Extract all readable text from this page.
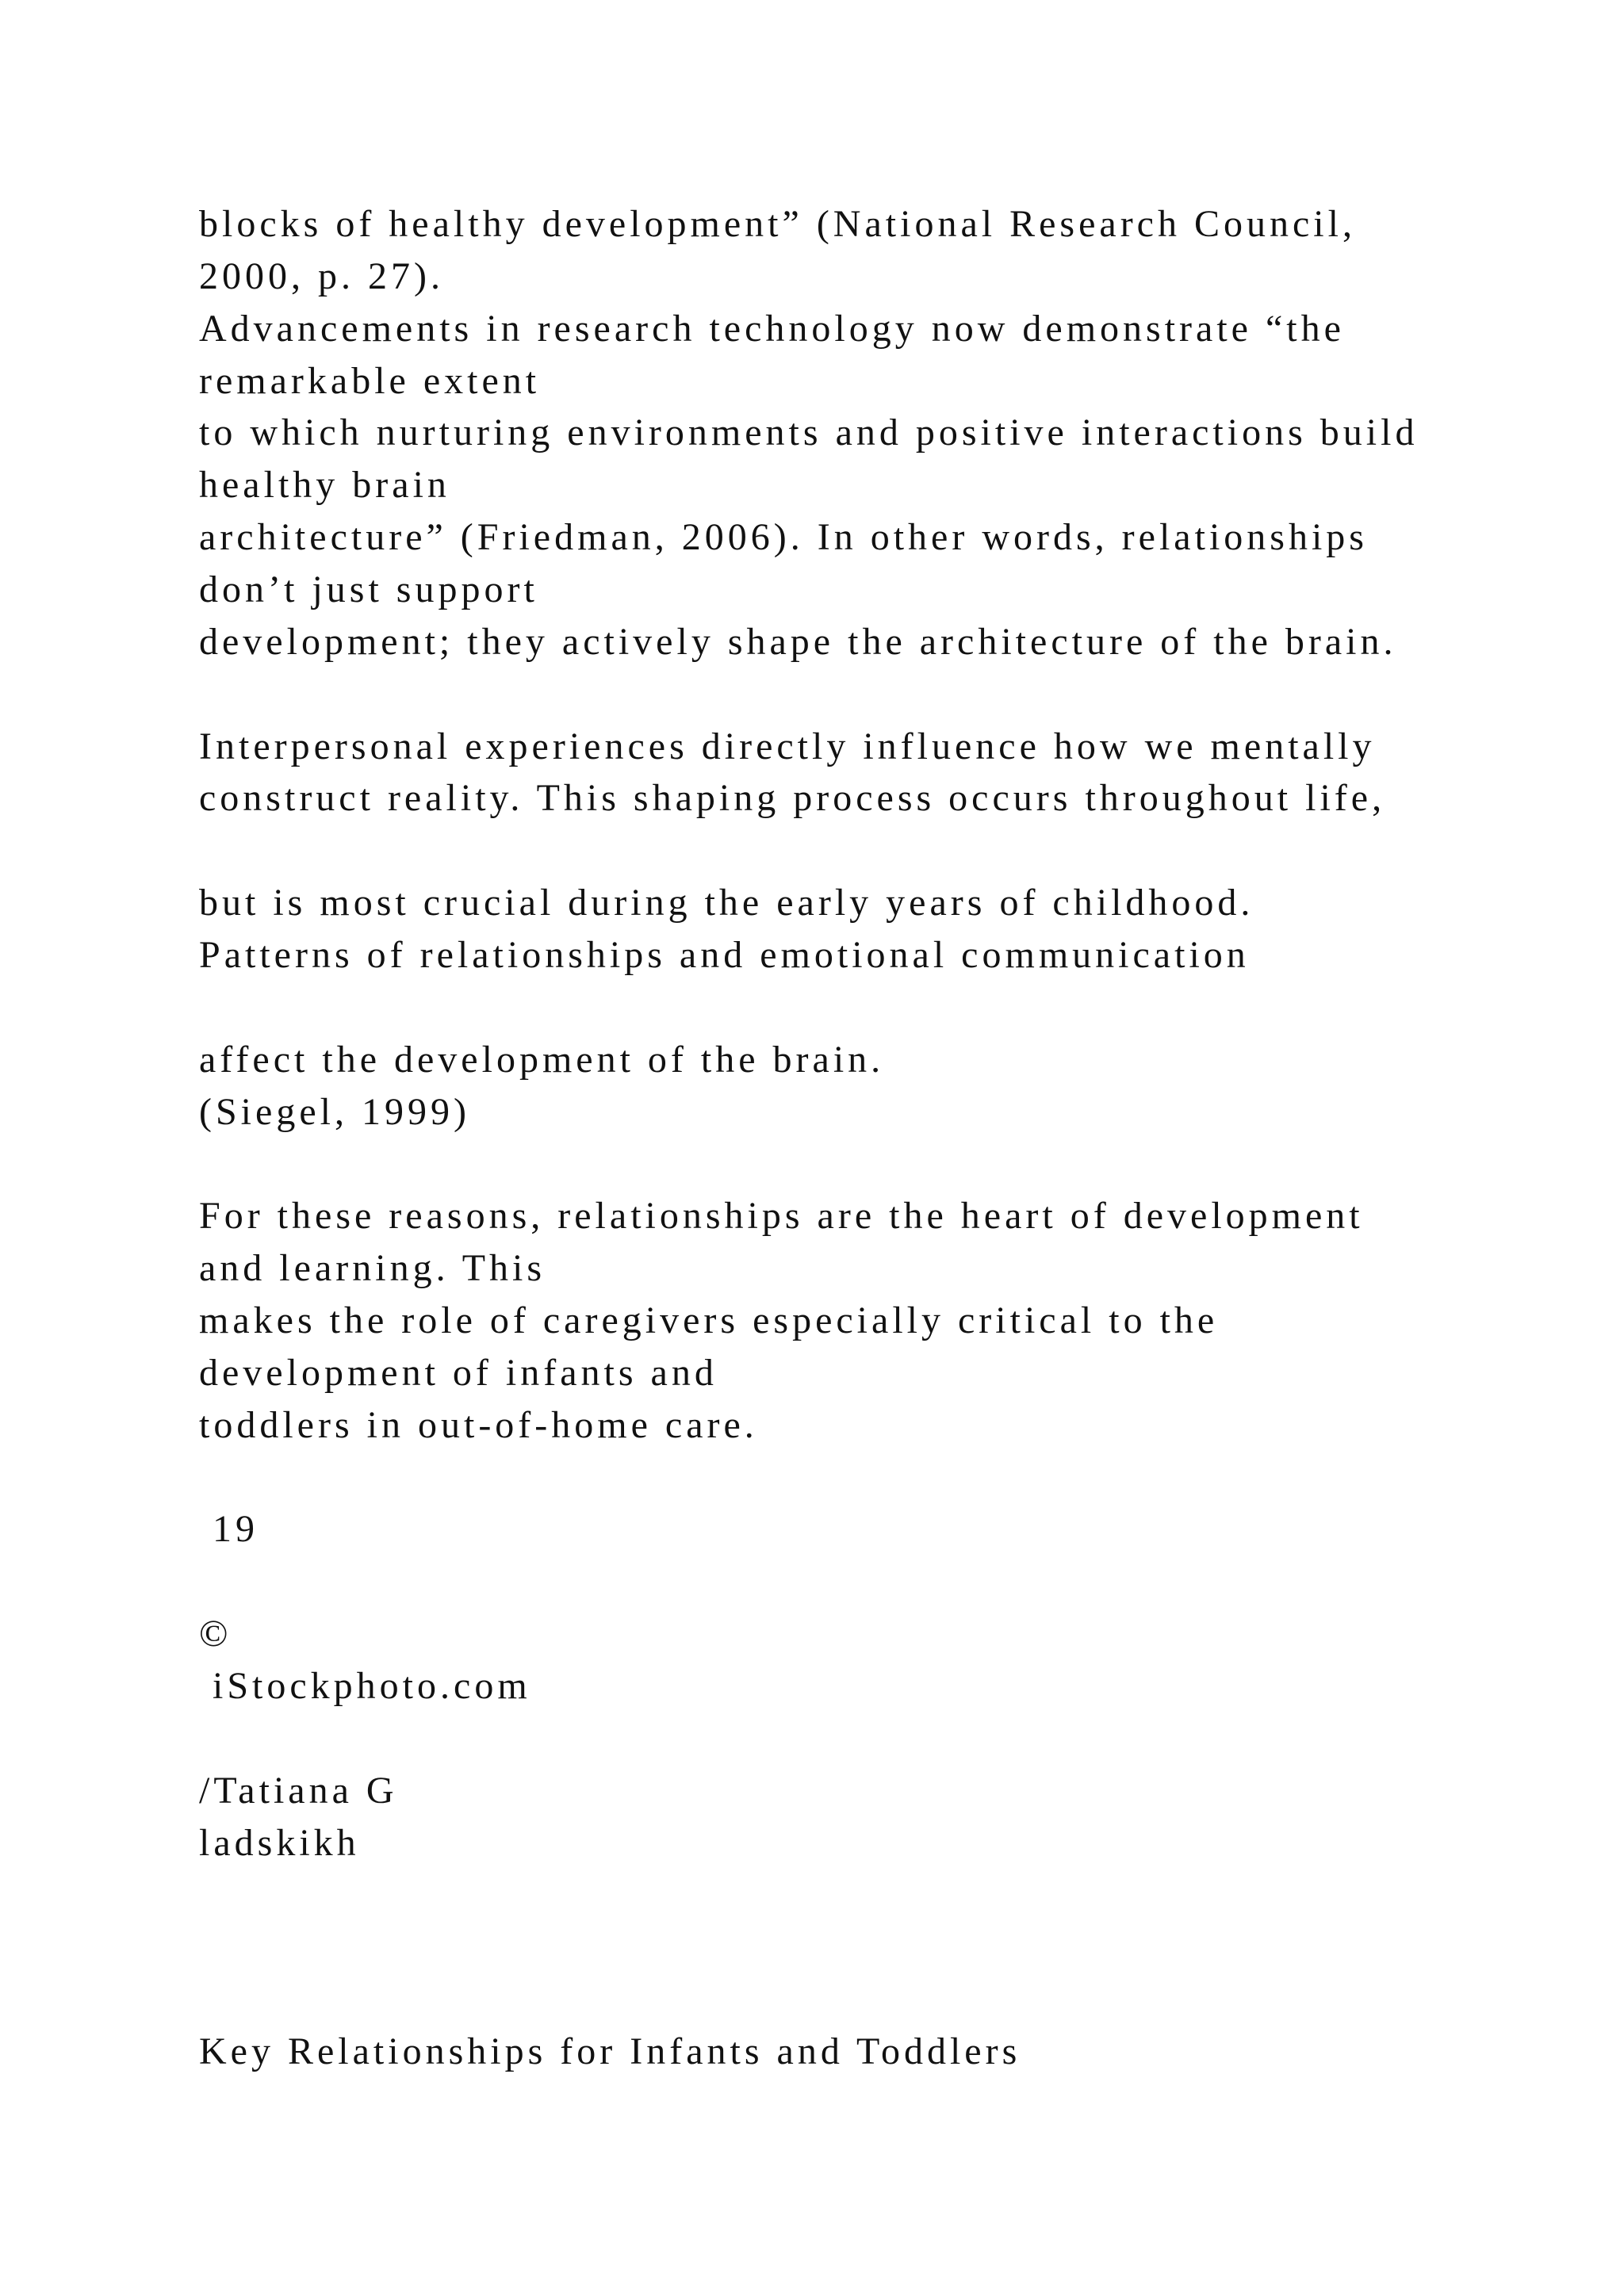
blocks of healthy development” (National Research Council,
2000, p. 27).
Advancements in research technology now demonstrate “the
remarkable extent
to which nurturing environments and positive interactions build
healthy brain
architecture” (Friedman, 2006). In other words, relationships
don’t just support
development; they actively shape the architecture of the brain.
Interpersonal experiences directly influence how we mentally
construct reality. This shaping process occurs throughout life,
but is most crucial during the early years of childhood.
Patterns of relationships and emotional communication
affect the development of the brain.
(Siegel, 1999)
For these reasons, relationships are the heart of development
and learning. This
makes the role of caregivers especially critical to the
development of infants and
toddlers in out-of-home care.
19
©
iStockphoto.com
/Tatiana G
ladskikh
Key Relationships for Infants and Toddlers
